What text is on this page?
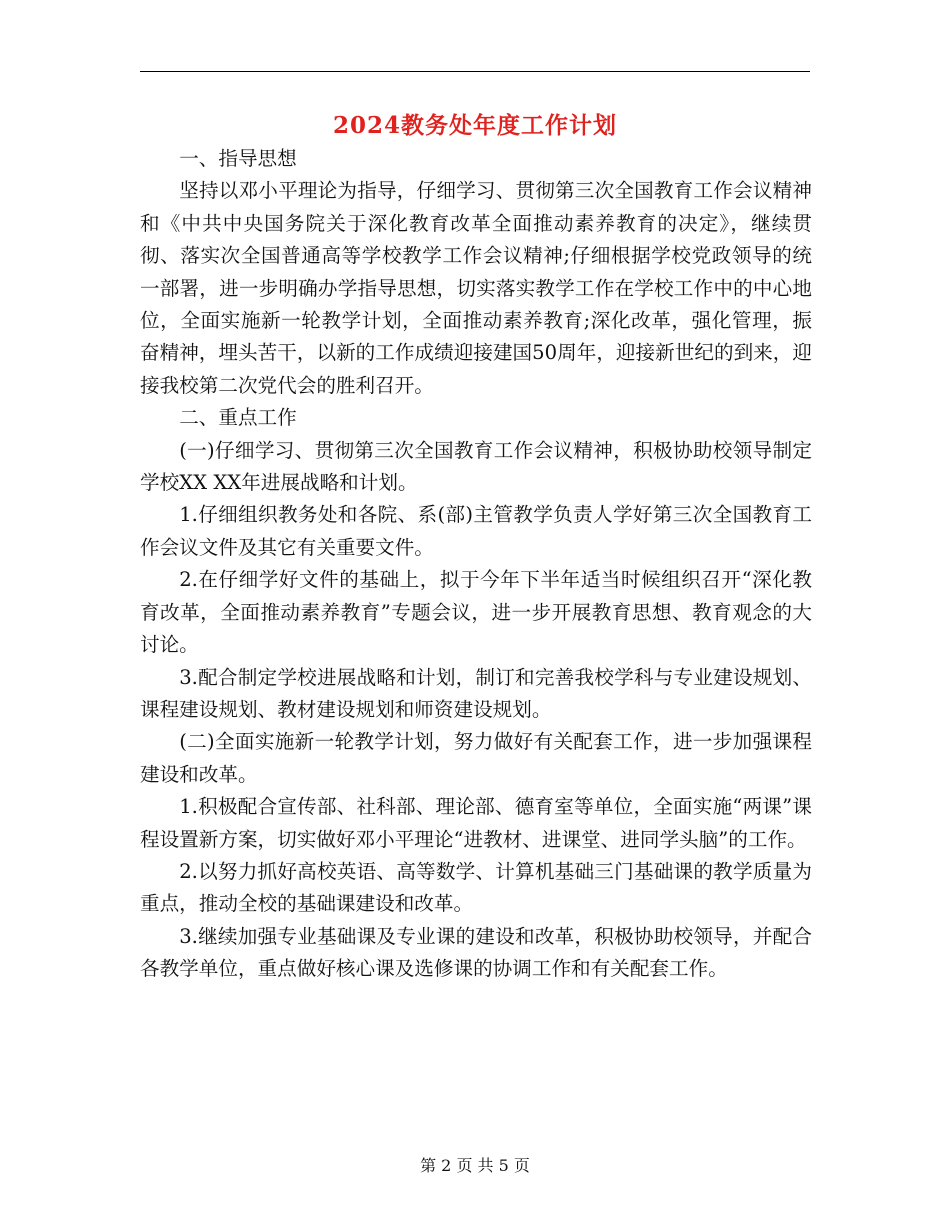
2024教务处年度工作计划

一、指导思想

坚持以邓小平理论为指导，仔细学习、贯彻第三次全国教育工作会议精神和《中共中央国务院关于深化教育改革全面推动素养教育的决定》，继续贯彻、落实次全国普通高等学校教学工作会议精神;仔细根据学校党政领导的统一部署，进一步明确办学指导思想，切实落实教学工作在学校工作中的中心地位，全面实施新一轮教学计划，全面推动素养教育;深化改革，强化管理，振奋精神，埋头苦干，以新的工作成绩迎接建国50周年，迎接新世纪的到来，迎接我校第二次党代会的胜利召开。

二、重点工作

(一)仔细学习、贯彻第三次全国教育工作会议精神，积极协助校领导制定学校XX XX年进展战略和计划。

1.仔细组织教务处和各院、系(部)主管教学负责人学好第三次全国教育工作会议文件及其它有关重要文件。

2.在仔细学好文件的基础上，拟于今年下半年适当时候组织召开“深化教育改革，全面推动素养教育”专题会议，进一步开展教育思想、教育观念的大讨论。

3.配合制定学校进展战略和计划，制订和完善我校学科与专业建设规划、课程建设规划、教材建设规划和师资建设规划。

(二)全面实施新一轮教学计划，努力做好有关配套工作，进一步加强课程建设和改革。

1.积极配合宣传部、社科部、理论部、德育室等单位，全面实施“两课”课程设置新方案，切实做好邓小平理论“进教材、进课堂、进同学头脑”的工作。

2.以努力抓好高校英语、高等数学、计算机基础三门基础课的教学质量为重点，推动全校的基础课建设和改革。

3.继续加强专业基础课及专业课的建设和改革，积极协助校领导，并配合各教学单位，重点做好核心课及选修课的协调工作和有关配套工作。

第 2 页 共 5 页
